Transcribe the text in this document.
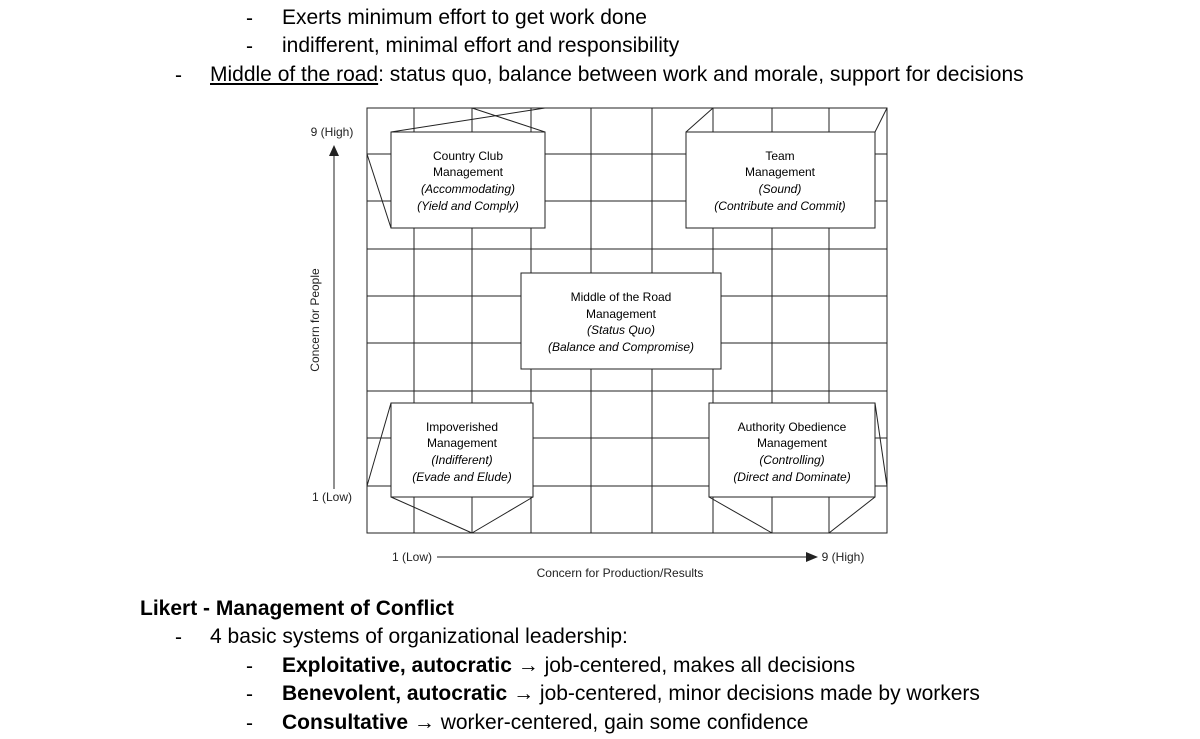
- Exerts minimum effort to get work done
- indifferent, minimal effort and responsibility
- Middle of the road: status quo, balance between work and morale, support for decisions
9 (High)
1 (Low)
Concern for People
1 (Low)	9 (High)
Concern for Production/Results
Country Club
Management
(Accommodating)
(Yield and Comply)
Team
Management
(Sound)
(Contribute and Commit)
Middle of the Road
Management
(Status Quo)
(Balance and Compromise)
Impoverished
Management
(Indifferent)
(Evade and Elude)
Authority Obedience
Management
(Controlling)
(Direct and Dominate)
Likert - Management of Conflict
- 4 basic systems of organizational leadership:
- Exploitative, autocratic → job-centered, makes all decisions
- Benevolent, autocratic → job-centered, minor decisions made by workers
- Consultative → worker-centered, gain some confidence
